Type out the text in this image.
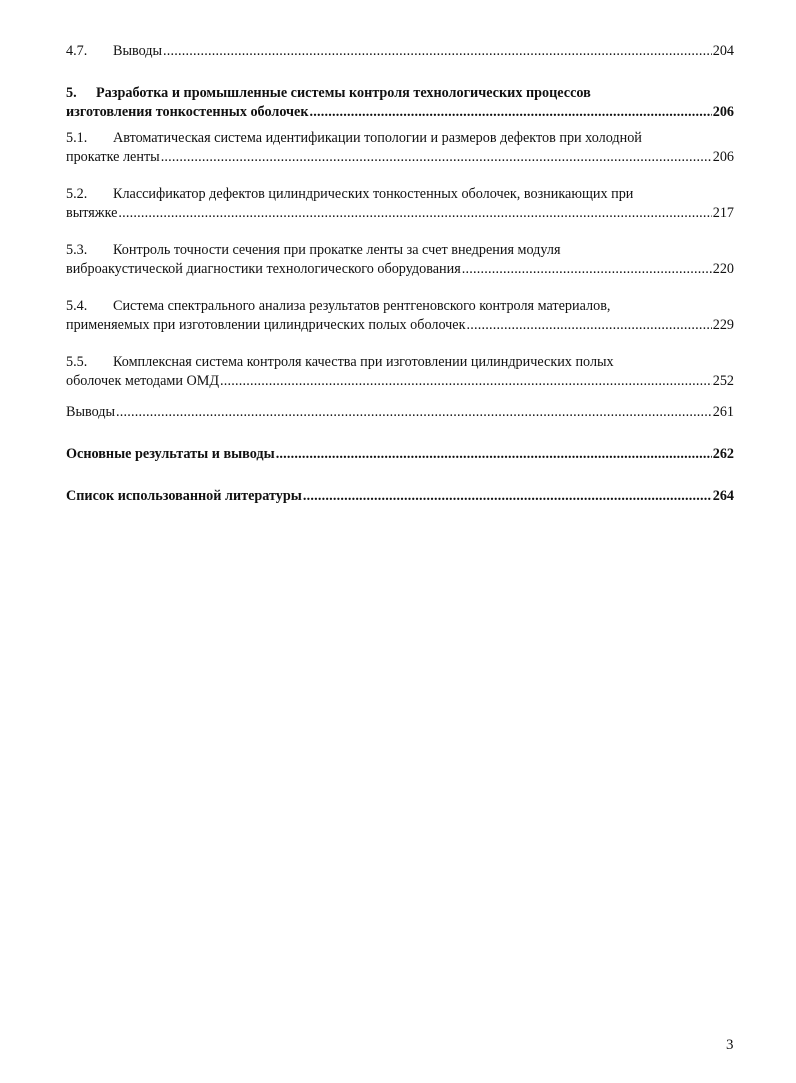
4.7.	Выводы .....	204
5.	Разработка и промышленные системы контроля технологических процессов
изготовления тонкостенных оболочек .....	206
5.1.	Автоматическая система идентификации топологии и размеров дефектов при холодной
прокатке ленты .....	206
5.2.	Классификатор дефектов цилиндрических тонкостенных оболочек, возникающих при
вытяжке .....	217
5.3.	Контроль точности сечения при прокатке ленты за счет внедрения модуля
виброакустической диагностики технологического оборудования .....	220
5.4.	Система спектрального анализа результатов рентгеновского контроля материалов,
применяемых при изготовлении цилиндрических полых оболочек .....	229
5.5.	Комплексная система контроля качества при изготовлении цилиндрических полых
оболочек методами ОМД .....	252
Выводы .....	261
Основные результаты и выводы .....	262
Список использованной литературы .....	264
3
